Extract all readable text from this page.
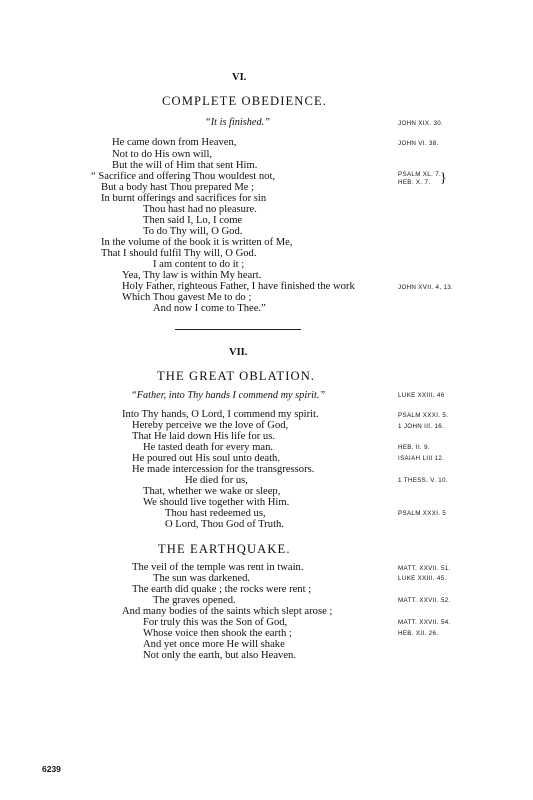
VI.
COMPLETE OBEDIENCE.
“It is finished.”	JOHN XIX. 30.
He came down from Heaven,
Not to do His own will,
But the will of Him that sent Him.
“ Sacrifice and offering Thou wouldest not,
But a body hast Thou prepared Me ;
In burnt offerings and sacrifices for sin
Thou hast had no pleasure.
Then said I, Lo, I come
To do Thy will, O God.
In the volume of the book it is written of Me,
That I should fulfil Thy will, O God.
I am content to do it ;
Yea, Thy law is within My heart.
Holy Father, righteous Father, I have finished the work
Which Thou gavest Me to do ;
And now I come to Thee.”
JOHN VI. 38.
PSALM XL. 7.
HEB. X. 7. }
JOHN XVII. 4, 13.
VII.
THE GREAT OBLATION.
“Father, into Thy hands I commend my spirit.”	LUKE XXIII. 46
Into Thy hands, O Lord, I commend my spirit.
Hereby perceive we the love of God,
That He laid down His life for us.
He tasted death for every man.
He poured out His soul unto death.
He made intercession for the transgressors.
He died for us,
That, whether we wake or sleep,
We should live together with Him.
Thou hast redeemed us,
O Lord, Thou God of Truth.
PSALM XXXI. 5.
1 JOHN III. 16.
HEB. II. 9.
ISAIAH LIII 12.
1 THESS. V. 10.
PSALM XXXI. 5
THE EARTHQUAKE.
The veil of the temple was rent in twain.
The sun was darkened.
The earth did quake ; the rocks were rent ;
The graves opened.
And many bodies of the saints which slept arose ;
For truly this was the Son of God,
Whose voice then shook the earth ;
And yet once more He will shake
Not only the earth, but also Heaven.
MATT. XXVII. 51.
LUKE XXIII. 45.
MATT. XXVII. 52.
MATT. XXVII. 54.
HEB. XII. 26.
6239
